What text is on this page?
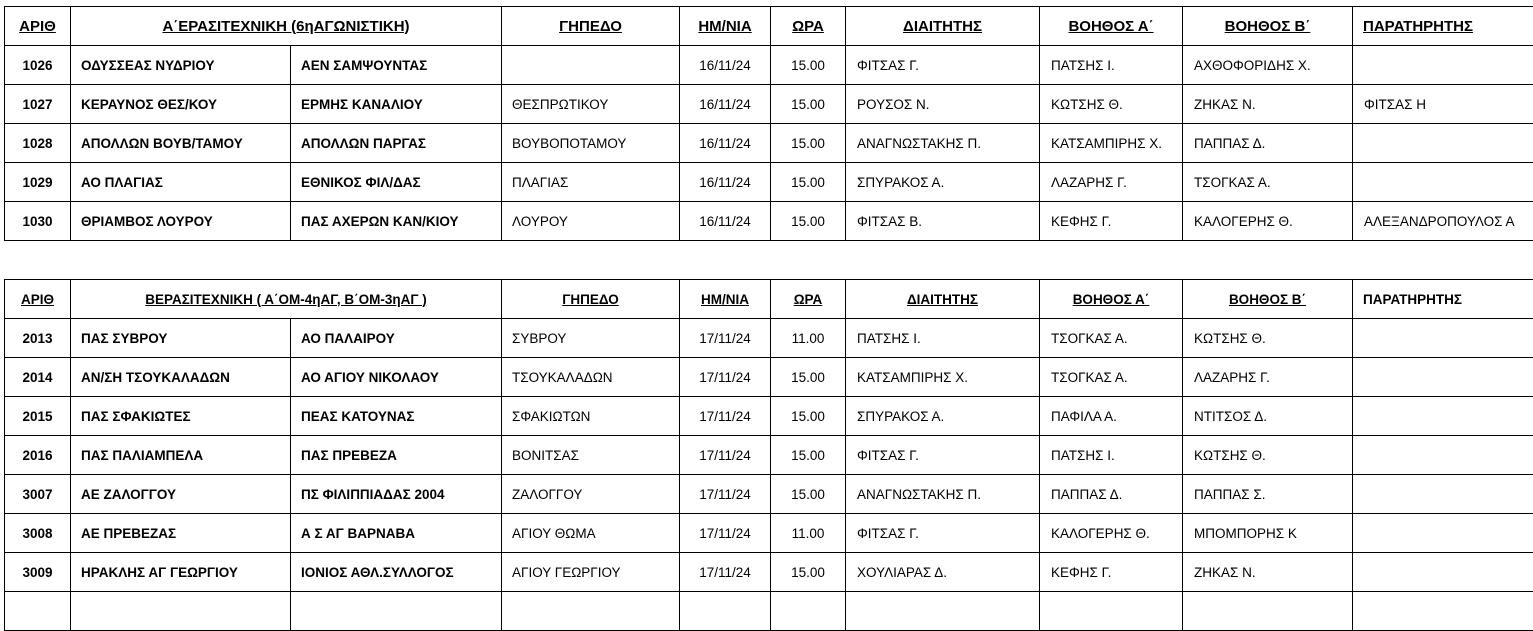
ΑΡΙΘ	Α΄ΕΡΑΣΙΤΕΧΝΙΚΗ (6ηΑΓΩΝΙΣΤΙΚΗ)		ΓΗΠΕΔΟ	ΗΜ/ΝΙΑ	ΩΡΑ	ΔΙΑΙΤΗΤΗΣ	ΒΟΗΘΟΣ Α΄	ΒΟΗΘΟΣ Β΄	ΠΑΡΑΤΗΡΗΤΗΣ
1026	ΟΔΥΣΣΕΑΣ ΝΥΔΡΙΟΥ	ΑΕΝ ΣΑΜΨΟΥΝΤΑΣ		16/11/24	15.00	ΦΙΤΣΑΣ Γ.	ΠΑΤΣΗΣ Ι.	ΑΧΘΟΦΟΡΙΔΗΣ Χ.	
1027	ΚΕΡΑΥΝΟΣ ΘΕΣ/ΚΟΥ	ΕΡΜΗΣ ΚΑΝΑΛΙΟΥ	ΘΕΣΠΡΩΤΙΚΟΥ	16/11/24	15.00	ΡΟΥΣΟΣ Ν.	ΚΩΤΣΗΣ Θ.	ΖΗΚΑΣ Ν.	ΦΙΤΣΑΣ Η
1028	ΑΠΟΛΛΩΝ ΒΟΥΒ/ΤΑΜΟΥ	ΑΠΟΛΛΩΝ ΠΑΡΓΑΣ	ΒΟΥΒΟΠΟΤΑΜΟΥ	16/11/24	15.00	ΑΝΑΓΝΩΣΤΑΚΗΣ Π.	ΚΑΤΣΑΜΠΙΡΗΣ Χ.	ΠΑΠΠΑΣ Δ.	
1029	ΑΟ ΠΛΑΓΙΑΣ	ΕΘΝΙΚΟΣ ΦΙΛ/ΔΑΣ	ΠΛΑΓΙΑΣ	16/11/24	15.00	ΣΠΥΡΑΚΟΣ Α.	ΛΑΖΑΡΗΣ Γ.	ΤΣΟΓΚΑΣ Α.	
1030	ΘΡΙΑΜΒΟΣ ΛΟΥΡΟΥ	ΠΑΣ ΑΧΕΡΩΝ ΚΑΝ/ΚΙΟΥ	ΛΟΥΡΟΥ	16/11/24	15.00	ΦΙΤΣΑΣ Β.	ΚΕΦΗΣ Γ.	ΚΑΛΟΓΕΡΗΣ Θ.	ΑΛΕΞΑΝΔΡΟΠΟΥΛΟΣ Α
ΑΡΙΘ	ΒΕΡΑΣΙΤΕΧΝΙΚΗ ( Α΄ΟΜ-4ηΑΓ, Β΄ΟΜ-3ηΑΓ )		ΓΗΠΕΔΟ	ΗΜ/ΝΙΑ	ΩΡΑ	ΔΙΑΙΤΗΤΗΣ	ΒΟΗΘΟΣ Α΄	ΒΟΗΘΟΣ Β΄	ΠΑΡΑΤΗΡΗΤΗΣ
2013	ΠΑΣ ΣΥΒΡΟΥ	ΑΟ ΠΑΛΑΙΡΟΥ	ΣΥΒΡΟΥ	17/11/24	11.00	ΠΑΤΣΗΣ Ι.	ΤΣΟΓΚΑΣ Α.	ΚΩΤΣΗΣ Θ.	
2014	ΑΝ/ΣΗ ΤΣΟΥΚΑΛΑΔΩΝ	ΑΟ ΑΓΙΟΥ ΝΙΚΟΛΑΟΥ	ΤΣΟΥΚΑΛΑΔΩΝ	17/11/24	15.00	ΚΑΤΣΑΜΠΙΡΗΣ Χ.	ΤΣΟΓΚΑΣ Α.	ΛΑΖΑΡΗΣ Γ.	
2015	ΠΑΣ ΣΦΑΚΙΩΤΕΣ	ΠΕΑΣ ΚΑΤΟΥΝΑΣ	ΣΦΑΚΙΩΤΩΝ	17/11/24	15.00	ΣΠΥΡΑΚΟΣ Α.	ΠΑΦΙΛΑ Α.	ΝΤΙΤΣΟΣ Δ.	
2016	ΠΑΣ ΠΑΛΙΑΜΠΕΛΑ	ΠΑΣ ΠΡΕΒΕΖΑ	ΒΟΝΙΤΣΑΣ	17/11/24	15.00	ΦΙΤΣΑΣ Γ.	ΠΑΤΣΗΣ Ι.	ΚΩΤΣΗΣ Θ.	
3007	ΑΕ ΖΑΛΟΓΓΟΥ	ΠΣ ΦΙΛΙΠΠΙΑΔΑΣ 2004	ΖΑΛΟΓΓΟΥ	17/11/24	15.00	ΑΝΑΓΝΩΣΤΑΚΗΣ Π.	ΠΑΠΠΑΣ Δ.	ΠΑΠΠΑΣ Σ.	
3008	ΑΕ ΠΡΕΒΕΖΑΣ	Α Σ ΑΓ ΒΑΡΝΑΒΑ	ΑΓΙΟΥ ΘΩΜΑ	17/11/24	11.00	ΦΙΤΣΑΣ Γ.	ΚΑΛΟΓΕΡΗΣ Θ.	ΜΠΟΜΠΟΡΗΣ Κ	
3009	ΗΡΑΚΛΗΣ ΑΓ ΓΕΩΡΓΙΟΥ	ΙΟΝΙΟΣ ΑΘΛ.ΣΥΛΛΟΓΟΣ	ΑΓΙΟΥ ΓΕΩΡΓΙΟΥ	17/11/24	15.00	ΧΟΥΛΙΑΡΑΣ Δ.	ΚΕΦΗΣ Γ.	ΖΗΚΑΣ Ν.	
